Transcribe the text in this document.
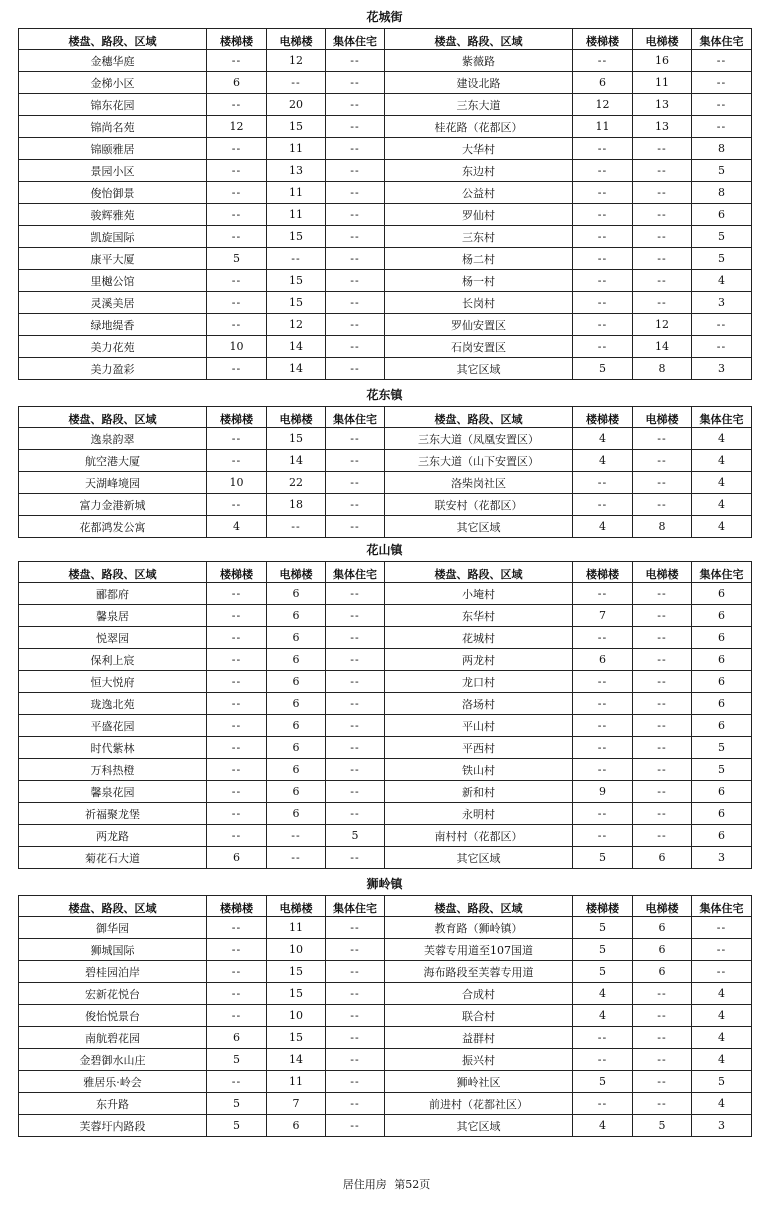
花城街
楼盘、路段、区域	楼梯楼	电梯楼	集体住宅	楼盘、路段、区域	楼梯楼	电梯楼	集体住宅
金穗华庭	--	12	--	紫薇路	--	16	--
金梯小区	6	--	--	建设北路	6	11	--
锦东花园	--	20	--	三东大道	12	13	--
锦尚名苑	12	15	--	桂花路（花都区）	11	13	--
锦颐雅居	--	11	--	大华村	--	--	8
景园小区	--	13	--	东边村	--	--	5
俊怡御景	--	11	--	公益村	--	--	8
骏辉雅苑	--	11	--	罗仙村	--	--	6
凯旋国际	--	15	--	三东村	--	--	5
康平大厦	5	--	--	杨二村	--	--	5
里樾公馆	--	15	--	杨一村	--	--	4
灵溪美居	--	15	--	长岗村	--	--	3
绿地缇香	--	12	--	罗仙安置区	--	12	--
美力花苑	10	14	--	石岗安置区	--	14	--
美力盈彩	--	14	--	其它区域	5	8	3
花东镇
楼盘、路段、区域	楼梯楼	电梯楼	集体住宅	楼盘、路段、区域	楼梯楼	电梯楼	集体住宅
逸泉韵翠	--	15	--	三东大道（凤凰安置区）	4	--	4
航空港大厦	--	14	--	三东大道（山下安置区）	4	--	4
天湖峰境园	10	22	--	洛柴岗社区	--	--	4
富力金港新城	--	18	--	联安村（花都区）	--	--	4
花都鸿发公寓	4	--	--	其它区域	4	8	4
花山镇
楼盘、路段、区域	楼梯楼	电梯楼	集体住宅	楼盘、路段、区域	楼梯楼	电梯楼	集体住宅
郦都府	--	6	--	小埯村	--	--	6
馨泉居	--	6	--	东华村	7	--	6
悦翠园	--	6	--	花城村	--	--	6
保利上宸	--	6	--	两龙村	6	--	6
恒大悦府	--	6	--	龙口村	--	--	6
珑逸北苑	--	6	--	洛场村	--	--	6
平盛花园	--	6	--	平山村	--	--	6
时代紫林	--	6	--	平西村	--	--	5
万科热橙	--	6	--	铁山村	--	--	5
馨泉花园	--	6	--	新和村	9	--	6
祈福聚龙堡	--	6	--	永明村	--	--	6
两龙路	--	--	5	南村村（花都区）	--	--	6
菊花石大道	6	--	--	其它区域	5	6	3
狮岭镇
楼盘、路段、区域	楼梯楼	电梯楼	集体住宅	楼盘、路段、区域	楼梯楼	电梯楼	集体住宅
御华园	--	11	--	教育路（狮岭镇）	5	6	--
狮城国际	--	10	--	芙蓉专用道至107国道	5	6	--
碧桂园泊岸	--	15	--	海布路段至芙蓉专用道	5	6	--
宏新花悦台	--	15	--	合成村	4	--	4
俊怡悦景台	--	10	--	联合村	4	--	4
南航碧花园	6	15	--	益群村	--	--	4
金碧御水山庄	5	14	--	振兴村	--	--	4
雅居乐·岭会	--	11	--	狮岭社区	5	--	5
东升路	5	7	--	前进村（花都社区）	--	--	4
芙蓉圩内路段	5	6	--	其它区域	4	5	3
居住用房 第52页
